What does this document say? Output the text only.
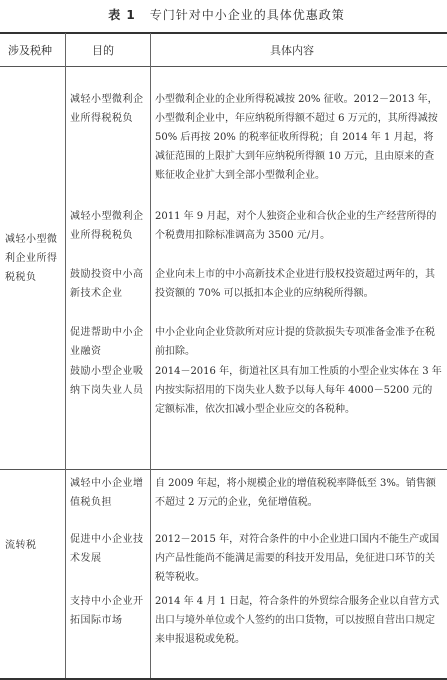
表 1 专门针对中小企业的具体优惠政策
涉及税种	目的	具体内容
减轻小型微利企业所得税税负
流转税
减轻小型微利企业所得税税负
小型微利企业的企业所得税减按 20% 征收。2012－2013 年，小型微利企业中，年应纳税所得额不超过 6 万元的，其所得减按 50% 后再按 20% 的税率征收所得税；自 2014 年 1 月起，将减征范围的上限扩大到年应纳税所得额 10 万元，且由原来的查账征收企业扩大到全部小型微利企业。
减轻小型微利企业所得税税负
2011 年 9 月起，对个人独资企业和合伙企业的生产经营所得的个税费用扣除标准调高为 3500 元/月。
鼓励投资中小高新技术企业
企业向未上市的中小高新技术企业进行股权投资超过两年的，其投资额的 70% 可以抵扣本企业的应纳税所得额。
促进帮助中小企业融资
中小企业向企业贷款所对应计提的贷款损失专项准备金准予在税前扣除。
鼓励小型企业吸纳下岗失业人员
2014－2016 年，街道社区具有加工性质的小型企业实体在 3 年内按实际招用的下岗失业人数予以每人每年 4000－5200 元的定额标准，依次扣减小型企业应交的各税种。
减轻中小企业增值税负担
自 2009 年起，将小规模企业的增值税税率降低至 3%。销售额不超过 2 万元的企业，免征增值税。
促进中小企业技术发展
2012－2015 年，对符合条件的中小企业进口国内不能生产或国内产品性能尚不能满足需要的科技开发用品，免征进口环节的关税等税收。
支持中小企业开拓国际市场
2014 年 4 月 1 日起，符合条件的外贸综合服务企业以自营方式出口与境外单位或个人签约的出口货物，可以按照自营出口规定来申报退税或免税。
